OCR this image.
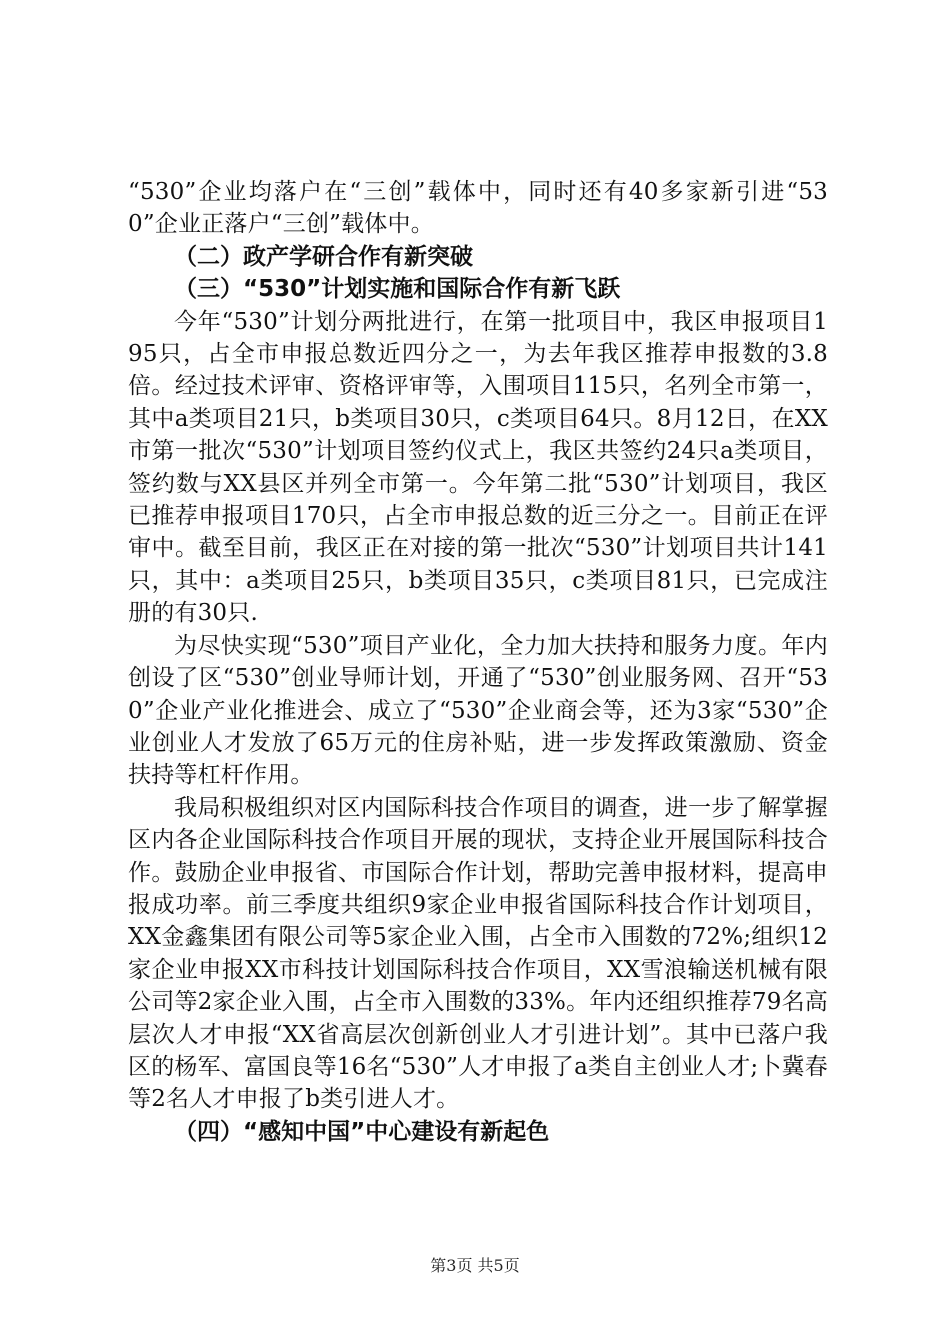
“530”企业均落户在“三创”载体中，同时还有40多家新引进“530”企业正落户“三创”载体中。

（二）政产学研合作有新突破

（三）“530”计划实施和国际合作有新飞跃

今年“530”计划分两批进行，在第一批项目中，我区申报项目195只，占全市申报总数近四分之一，为去年我区推荐申报数的3.8倍。经过技术评审、资格评审等，入围项目115只，名列全市第一，其中a类项目21只，b类项目30只，c类项目64只。8月12日，在XX市第一批次“530”计划项目签约仪式上，我区共签约24只a类项目，签约数与XX县区并列全市第一。今年第二批“530”计划项目，我区已推荐申报项目170只，占全市申报总数的近三分之一。目前正在评审中。截至目前，我区正在对接的第一批次“530”计划项目共计141只，其中：a类项目25只，b类项目35只，c类项目81只，已完成注册的有30只.

为尽快实现“530”项目产业化，全力加大扶持和服务力度。年内创设了区“530”创业导师计划，开通了“530”创业服务网、召开“530”企业产业化推进会、成立了“530”企业商会等，还为3家“530”企业创业人才发放了65万元的住房补贴，进一步发挥政策激励、资金扶持等杠杆作用。

我局积极组织对区内国际科技合作项目的调查，进一步了解掌握区内各企业国际科技合作项目开展的现状，支持企业开展国际科技合作。鼓励企业申报省、市国际合作计划，帮助完善申报材料，提高申报成功率。前三季度共组织9家企业申报省国际科技合作计划项目，XX金鑫集团有限公司等5家企业入围，占全市入围数的72%;组织12家企业申报XX市科技计划国际科技合作项目，XX雪浪输送机械有限公司等2家企业入围，占全市入围数的33%。年内还组织推荐79名高层次人才申报“XX省高层次创新创业人才引进计划”。其中已落户我区的杨军、富国良等16名“530”人才申报了a类自主创业人才;卜冀春等2名人才申报了b类引进人才。

（四）“感知中国”中心建设有新起色

第3页 共5页
